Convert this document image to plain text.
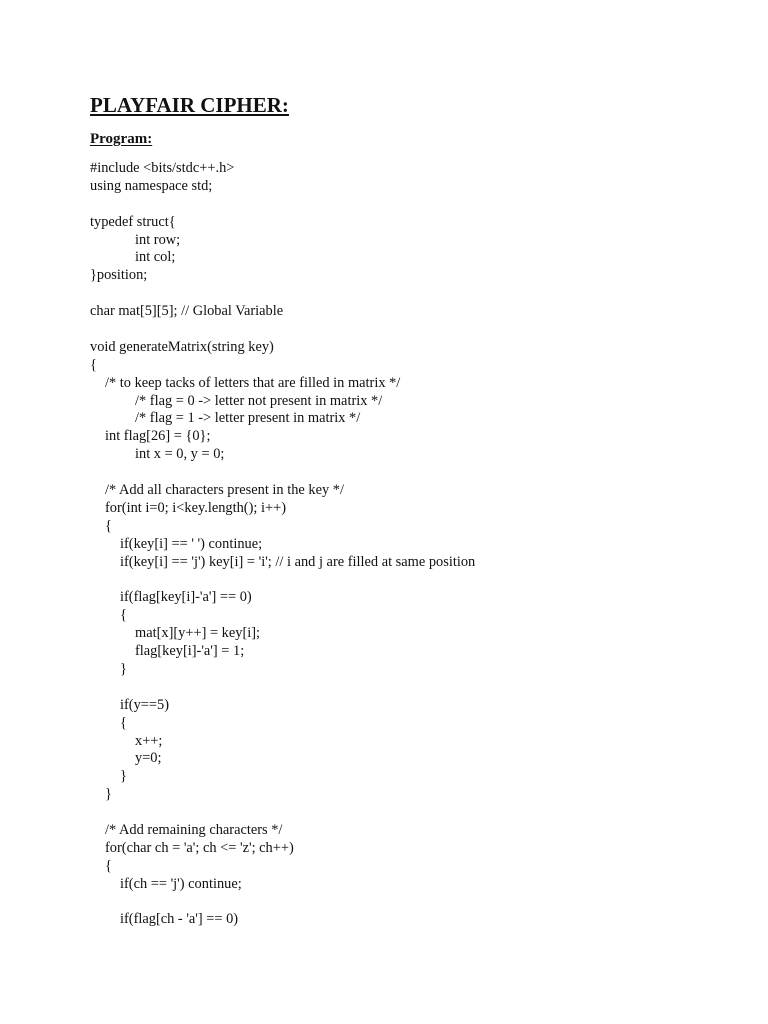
PLAYFAIR CIPHER:
Program:
#include <bits/stdc++.h>
using namespace std;
typedef struct{
int row;
int col;
}position;
char mat[5][5]; // Global Variable
void generateMatrix(string key)
{
/* to keep tacks of letters that are filled in matrix */
/* flag = 0 -> letter not present in matrix */
/* flag = 1 -> letter present in matrix */
int flag[26] = {0};
int x = 0, y = 0;
/* Add all characters present in the key */
for(int i=0; i<key.length(); i++)
{
if(key[i] == ' ') continue;
if(key[i] == 'j') key[i] = 'i'; // i and j are filled at same position
if(flag[key[i]-'a'] == 0)
{
mat[x][y++] = key[i];
flag[key[i]-'a'] = 1;
}
if(y==5)
{
x++;
y=0;
}
}
/* Add remaining characters */
for(char ch = 'a'; ch <= 'z'; ch++)
{
if(ch == 'j') continue;
if(flag[ch - 'a'] == 0)
